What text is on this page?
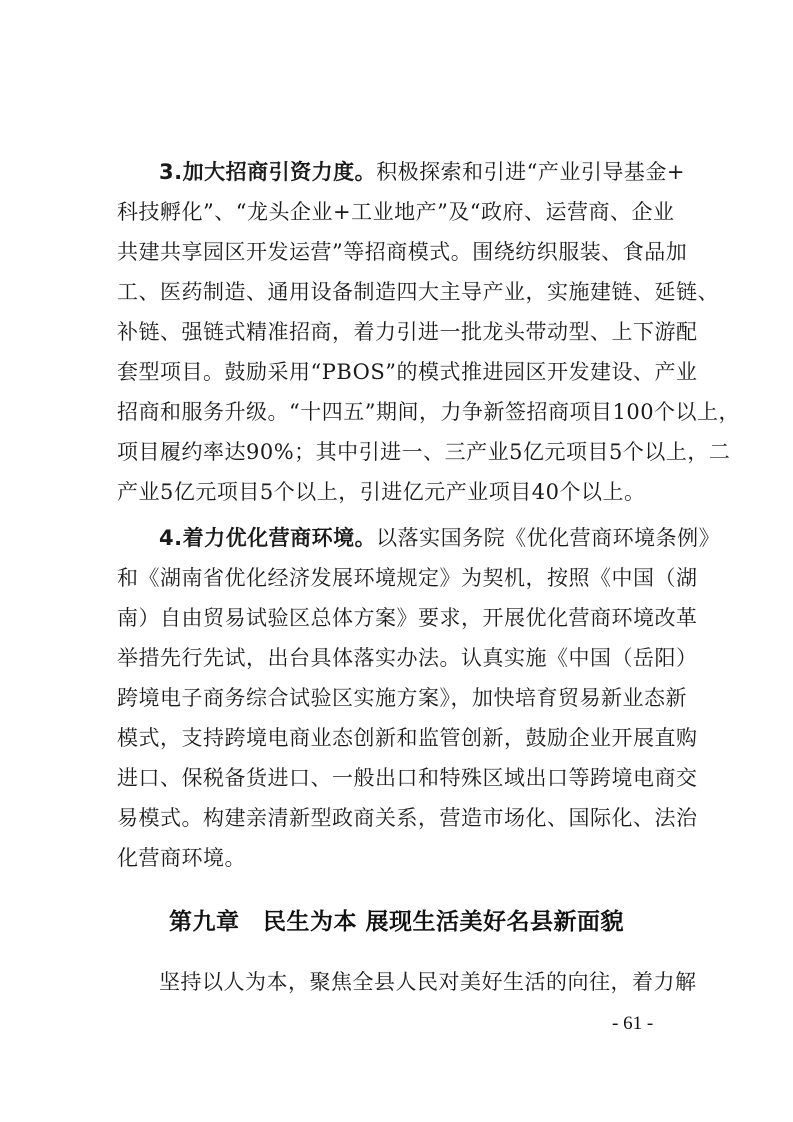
3.加大招商引资力度。积极探索和引进“产业引导基金+
科技孵化”、“龙头企业+工业地产”及“政府、运营商、企业
共建共享园区开发运营”等招商模式。围绕纺织服装、食品加
工、医药制造、通用设备制造四大主导产业，实施建链、延链、
补链、强链式精准招商，着力引进一批龙头带动型、上下游配
套型项目。鼓励采用“PBOS”的模式推进园区开发建设、产业
招商和服务升级。“十四五”期间，力争新签招商项目100个以上，
项目履约率达90%；其中引进一、三产业5亿元项目5个以上，二
产业5亿元项目5个以上，引进亿元产业项目40个以上。
4.着力优化营商环境。以落实国务院《优化营商环境条例》
和《湖南省优化经济发展环境规定》为契机，按照《中国（湖
南）自由贸易试验区总体方案》要求，开展优化营商环境改革
举措先行先试，出台具体落实办法。认真实施《中国（岳阳）
跨境电子商务综合试验区实施方案》，加快培育贸易新业态新
模式，支持跨境电商业态创新和监管创新，鼓励企业开展直购
进口、保税备货进口、一般出口和特殊区域出口等跨境电商交
易模式。构建亲清新型政商关系，营造市场化、国际化、法治
化营商环境。
第九章　民生为本 展现生活美好名县新面貌
坚持以人为本，聚焦全县人民对美好生活的向往，着力解
- 61 -
